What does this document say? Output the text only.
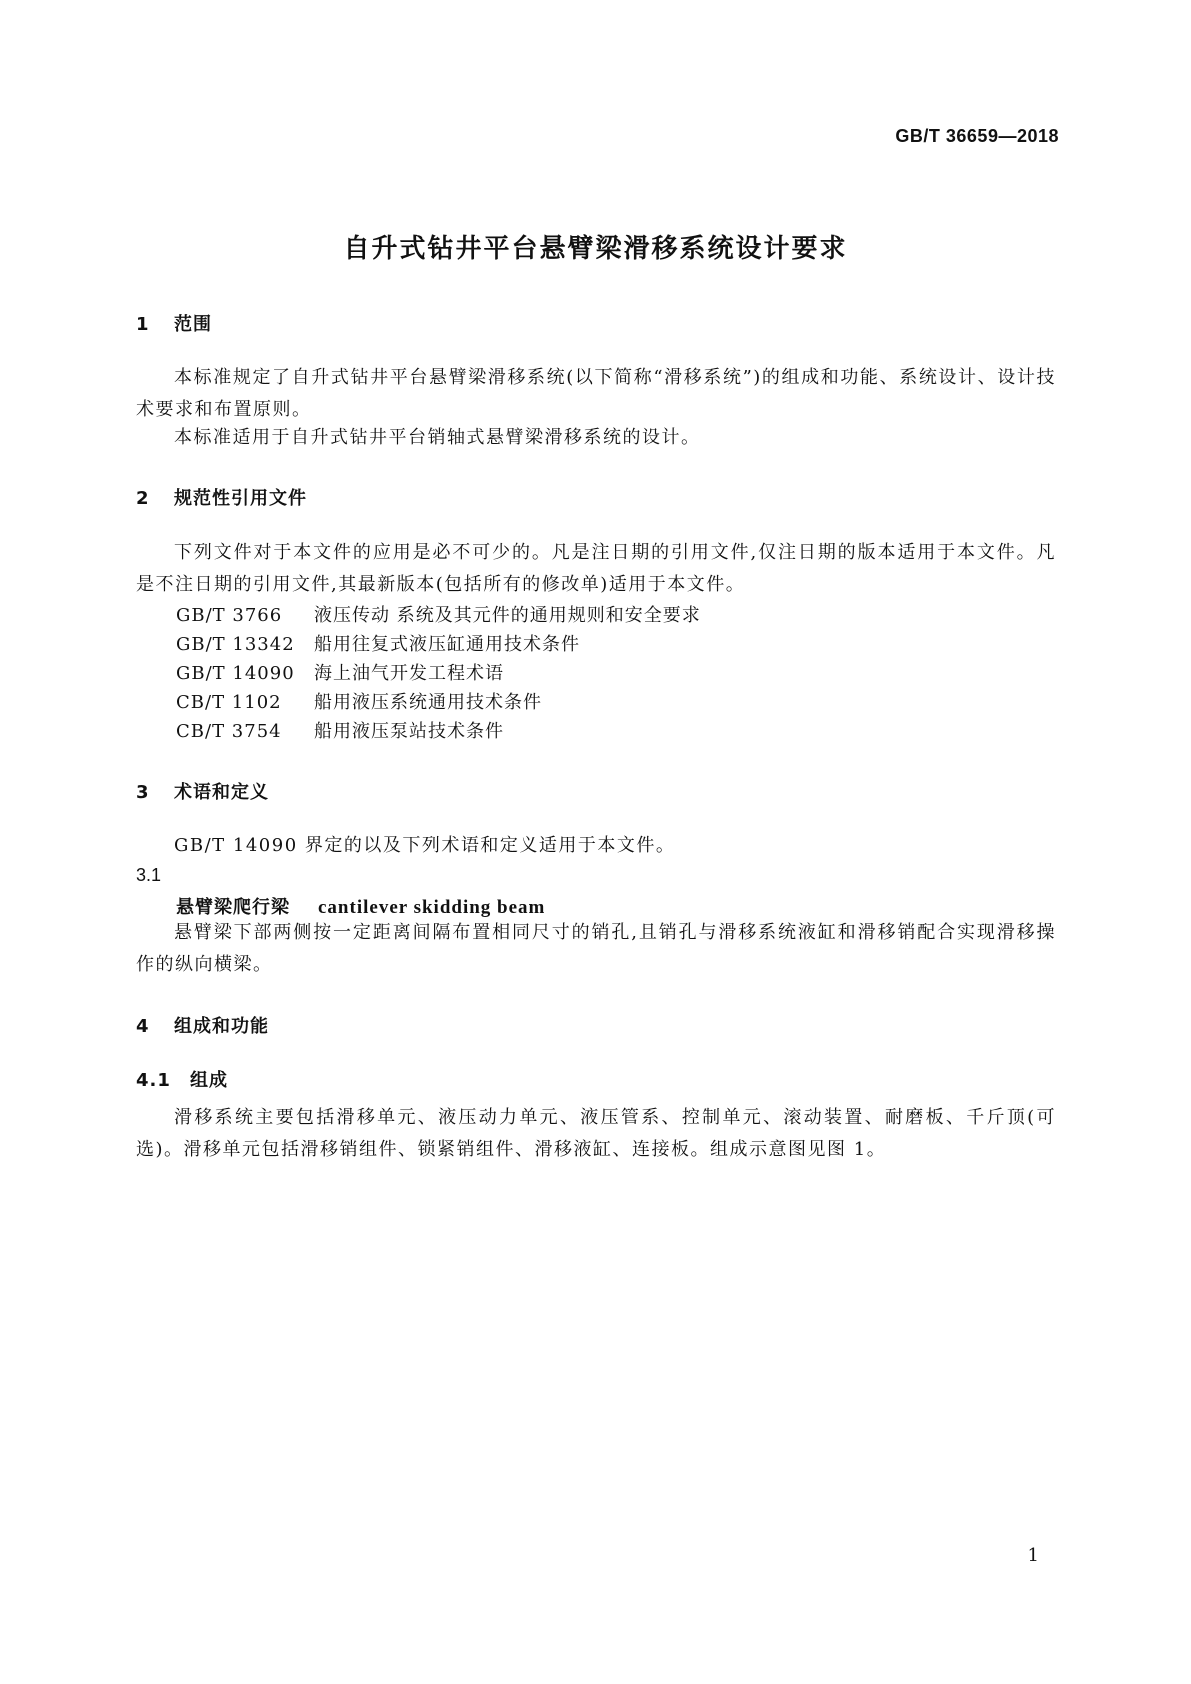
GB/T 36659—2018
自升式钻井平台悬臂梁滑移系统设计要求
1 范围
本标准规定了自升式钻井平台悬臂梁滑移系统(以下简称“滑移系统”)的组成和功能、系统设计、设计技术要求和布置原则。
本标准适用于自升式钻井平台销轴式悬臂梁滑移系统的设计。
2 规范性引用文件
下列文件对于本文件的应用是必不可少的。凡是注日期的引用文件,仅注日期的版本适用于本文件。凡是不注日期的引用文件,其最新版本(包括所有的修改单)适用于本文件。
GB/T 3766 液压传动 系统及其元件的通用规则和安全要求
GB/T 13342 船用往复式液压缸通用技术条件
GB/T 14090 海上油气开发工程术语
CB/T 1102 船用液压系统通用技术条件
CB/T 3754 船用液压泵站技术条件
3 术语和定义
GB/T 14090 界定的以及下列术语和定义适用于本文件。
3.1
悬臂梁爬行梁 cantilever skidding beam
悬臂梁下部两侧按一定距离间隔布置相同尺寸的销孔,且销孔与滑移系统液缸和滑移销配合实现滑移操作的纵向横梁。
4 组成和功能
4.1 组成
滑移系统主要包括滑移单元、液压动力单元、液压管系、控制单元、滚动装置、耐磨板、千斤顶(可选)。滑移单元包括滑移销组件、锁紧销组件、滑移液缸、连接板。组成示意图见图 1。
1
